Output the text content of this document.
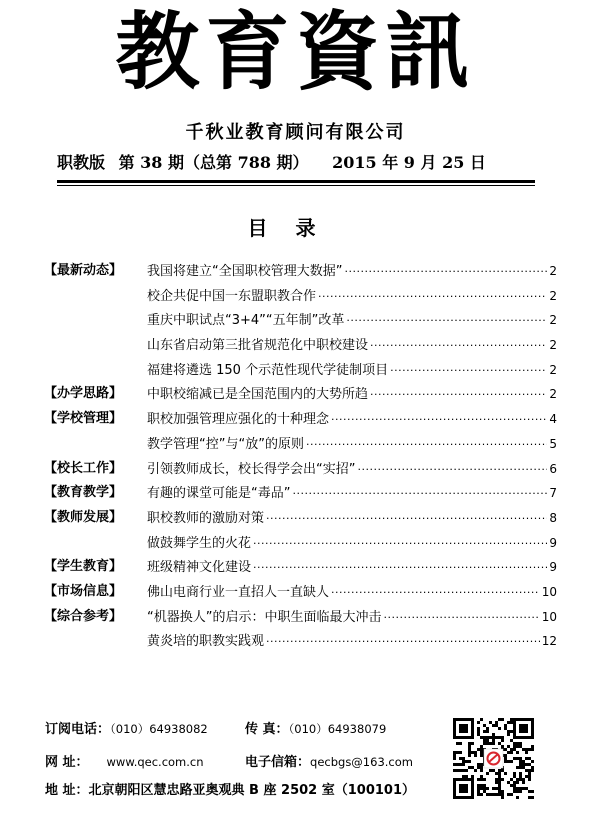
教育資訊
千秋业教育顾问有限公司
职教版 第 38 期（总第 788 期） 2015 年 9 月 25 日
目录
【最新动态】	我国将建立“全国职校管理大数据” ·····	2
校企共促中国一东盟职教合作 ·····	2
重庆中职试点“3+4”“五年制”改革 ·····	2
山东省启动第三批省规范化中职校建设 ·····	2
福建将遴选 150 个示范性现代学徒制项目 ·····	2
【办学思路】	中职校缩减已是全国范围内的大势所趋 ·····	2
【学校管理】	职校加强管理应强化的十种理念 ·····	4
教学管理“控”与“放”的原则 ·····	5
【校长工作】	引领教师成长，校长得学会出“实招” ·····	6
【教育教学】	有趣的课堂可能是“毒品” ·····	7
【教师发展】	职校教师的激励对策 ·····	8
做鼓舞学生的火花 ·····	9
【学生教育】	班级精神文化建设 ·····	9
【市场信息】	佛山电商行业一直招人一直缺人 ·····	10
【综合参考】	“机器换人”的启示：中职生面临最大冲击 ·····	10
黄炎培的职教实践观 ·····	12
订阅电话：（010）64938082	传 真：（010）64938079
网 址： www.qec.com.cn	电子信箱：qecbgs@163.com
地 址：北京朝阳区慧忠路亚奥观典 B 座 2502 室（100101）
